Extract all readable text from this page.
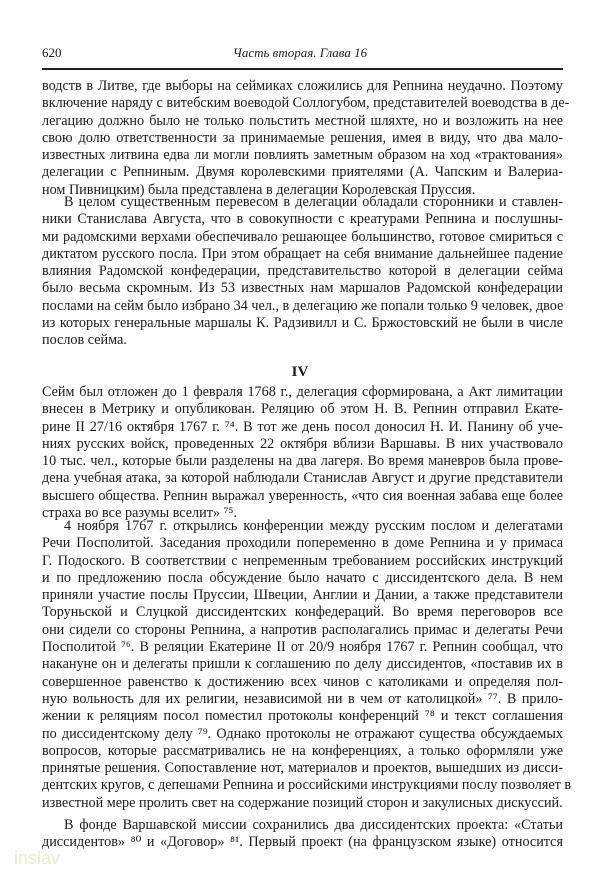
620	Часть вторая. Глава 16
водств в Литве, где выборы на сеймиках сложились для Репнина неудачно. Поэтому
включение наряду с витебским воеводой Соллогубом, представителей воеводства в де-
легацию должно было не только польстить местной шляхте, но и возложить на нее
свою долю ответственности за принимаемые решения, имея в виду, что два мало-
известных литвина едва ли могли повлиять заметным образом на ход «трактования»
делегации с Репниным. Двумя королевскими приятелями (А. Чапским и Валериа-
ном Пивницким) была представлена в делегации Королевская Пруссия.
В целом существенным перевесом в делегации обладали сторонники и ставлен-
ники Станислава Августа, что в совокупности с креатурами Репнина и послушны-
ми радомскими верхами обеспечивало решающее большинство, готовое смириться с
диктатом русского посла. При этом обращает на себя внимание дальнейшее падение
влияния Радомской конфедерации, представительство которой в делегации сейма
было весьма скромным. Из 53 известных нам маршалов Радомской конфедерации
послами на сейм было избрано 34 чел., в делегацию же попали только 9 человек, двое
из которых генеральные маршалы К. Радзивилл и С. Бржостовский не были в числе
послов сейма.
IV
Сейм был отложен до 1 февраля 1768 г., делегация сформирована, а Акт лимитации
внесен в Метрику и опубликован. Реляцию об этом Н. В. Репнин отправил Екате-
рине II 27/16 октября 1767 г. ⁷⁴. В тот же день посол доносил Н. И. Панину об уче-
ниях русских войск, проведенных 22 октября вблизи Варшавы. В них участвовало
10 тыс. чел., которые были разделены на два лагеря. Во время маневров была прове-
дена учебная атака, за которой наблюдали Станислав Август и другие представители
высшего общества. Репнин выражал уверенность, «что сия военная забава еще более
страха во все разумы вселит» ⁷⁵.
4 ноября 1767 г. открылись конференции между русским послом и делегатами
Речи Посполитой. Заседания проходили попеременно в доме Репнина и у примаса
Г. Подоского. В соответствии с непременным требованием российских инструкций
и по предложению посла обсуждение было начато с диссидентского дела. В нем
приняли участие послы Пруссии, Швеции, Англии и Дании, а также представители
Торуньской и Слуцкой диссидентских конфедераций. Во время переговоров все
они сидели со стороны Репнина, а напротив располагались примас и делегаты Речи
Посполитой ⁷⁶. В реляции Екатерине II от 20/9 ноября 1767 г. Репнин сообщал, что
накануне он и делегаты пришли к соглашению по делу диссидентов, «поставив их в
совершенное равенство к достижению всех чинов с католиками и определяя пол-
ную вольность для их религии, независимой ни в чем от католицкой» ⁷⁷. В прило-
жении к реляциям посол поместил протоколы конференций ⁷⁸ и текст соглашения
по диссидентскому делу ⁷⁹. Однако протоколы не отражают существа обсуждаемых
вопросов, которые рассматривались не на конференциях, а только оформляли уже
принятые решения. Сопоставление нот, материалов и проектов, вышедших из дисси-
дентских кругов, с депешами Репнина и российскими инструкциями послу позволяет в
известной мере пролить свет на содержание позиций сторон и закулисных дискуссий.
В фонде Варшавской миссии сохранились два диссидентских проекта: «Статьи
диссидентов» ⁸⁰ и «Договор» ⁸¹. Первый проект (на французском языке) относится
inslav
